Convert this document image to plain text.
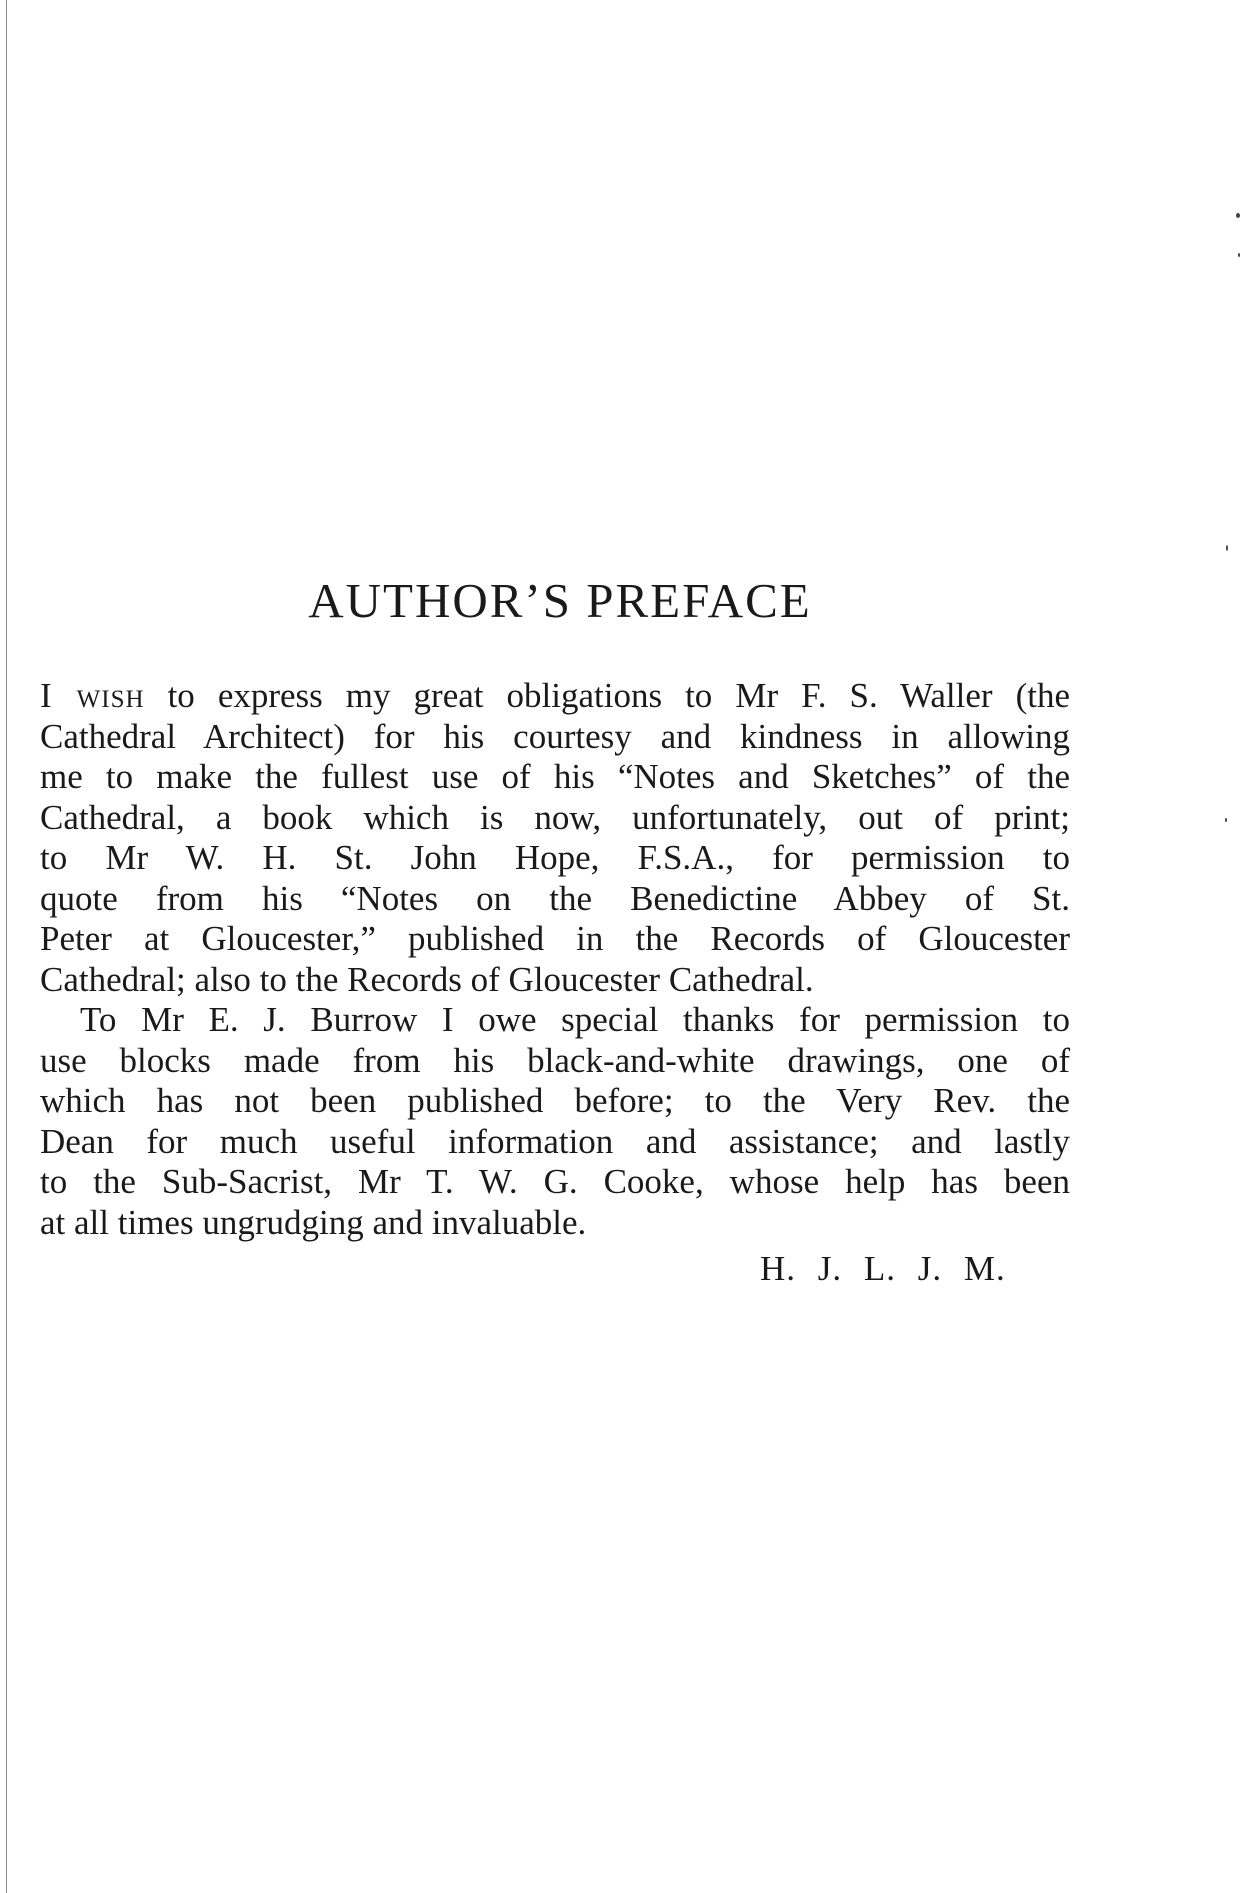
AUTHOR’S PREFACE
I wish to express my great obligations to Mr F. S. Waller (the
Cathedral Architect) for his courtesy and kindness in allowing
me to make the fullest use of his “Notes and Sketches” of the
Cathedral, a book which is now, unfortunately, out of print;
to Mr W. H. St. John Hope, F.S.A., for permission to
quote from his “Notes on the Benedictine Abbey of St.
Peter at Gloucester,” published in the Records of Gloucester
Cathedral; also to the Records of Gloucester Cathedral.
To Mr E. J. Burrow I owe special thanks for permission to
use blocks made from his black-and-white drawings, one of
which has not been published before; to the Very Rev. the
Dean for much useful information and assistance; and lastly
to the Sub-Sacrist, Mr T. W. G. Cooke, whose help has been
at all times ungrudging and invaluable.
H. J. L. J. M.
